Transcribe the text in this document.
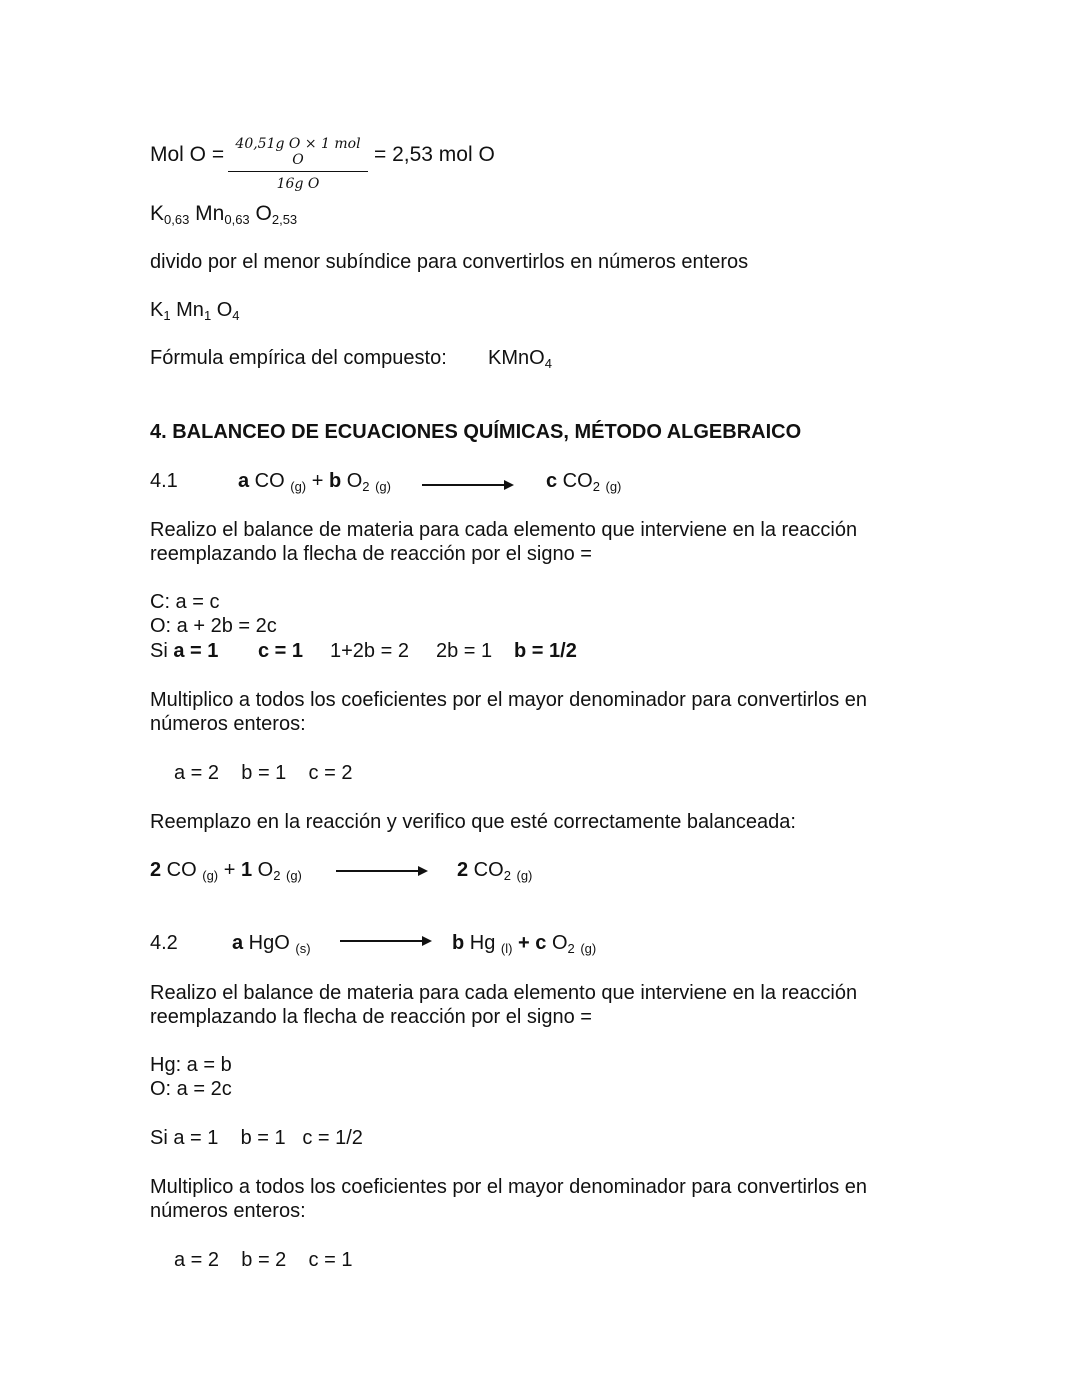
Mol O = 40,51g O × 1 mol O
16g O
= 2,53 mol O
$K_{0,63}$ $Mn_{0,63}$ $O_{2,53}$
divido por el menor subíndice para convertirlos en números enteros
$K_1$ $Mn_1$ $O_4$
Fórmula empírica del compuesto: KMnO$_4$
4. BALANCEO DE ECUACIONES QUÍMICAS, MÉTODO ALGEBRAICO
4.1	a CO $_{(g)}$ + b $O_2$ $_{(g)}$	c $CO_2$ $_{(g)}$
Realizo el balance de materia para cada elemento que interviene en la reacción reemplazando la flecha de reacción por el signo =
C: a = c
O: a + 2b = 2c
Si a = 1 c = 1 1+2b = 2 2b = 1 b = 1/2
Multiplico a todos los coeficientes por el mayor denominador para convertirlos en números enteros:
a = 2    b = 1    c = 2
Reemplazo en la reacción y verifico que esté correctamente balanceada:
2 CO $_{(g)}$ + 1 $O_2$ $_{(g)}$	2 $CO_2$ $_{(g)}$
4.2	a HgO $_{(s)}$	b Hg $_{(l)}$ + c $O_2$ $_{(g)}$
Realizo el balance de materia para cada elemento que interviene en la reacción reemplazando la flecha de reacción por el signo =
Hg: a = b
O: a = 2c
Si a = 1    b = 1   c = 1/2
Multiplico a todos los coeficientes por el mayor denominador para convertirlos en números enteros:
a = 2    b = 2    c = 1
